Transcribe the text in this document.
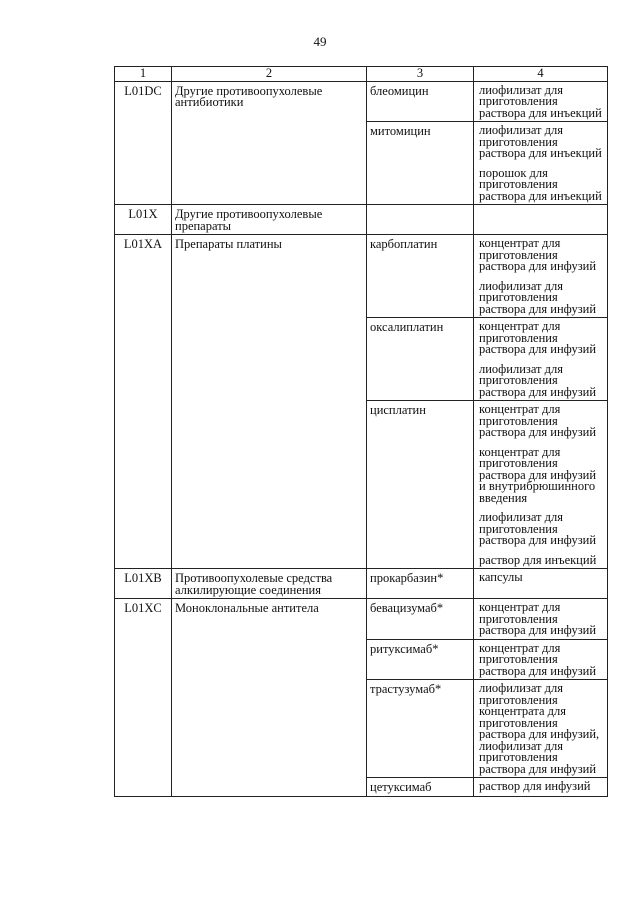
49
1	2	3	4
L01DC	Другие противоопухолевые антибиотики	блеомицин	лиофилизат для приготовления раствора для инъекций

		митомицин	лиофилизат для приготовления раствора для инъекций
порошок для приготовления раствора для инъекций

L01X	Другие противоопухолевые препараты		
L01XA	Препараты платины	карбоплатин	концентрат для приготовления раствора для инфузий
лиофилизат для приготовления раствора для инфузий

		оксалиплатин	концентрат для приготовления раствора для инфузий
лиофилизат для приготовления раствора для инфузий

		цисплатин	концентрат для приготовления раствора для инфузий
концентрат для приготовления раствора для инфузий и внутрибрюшинного введения
лиофилизат для приготовления раствора для инфузий
раствор для инъекций

L01XB	Противоопухолевые средства алкилирующие соединения	прокарбазин*	капсулы

L01XC	Моноклональные антитела	бевацизумаб*	концентрат для приготовления раствора для инфузий

		ритуксимаб*	концентрат для приготовления раствора для инфузий

		трастузумаб*	лиофилизат для приготовления концентрата для приготовления раствора для инфузий, лиофилизат для приготовления раствора для инфузий

		цетуксимаб	раствор для инфузий
